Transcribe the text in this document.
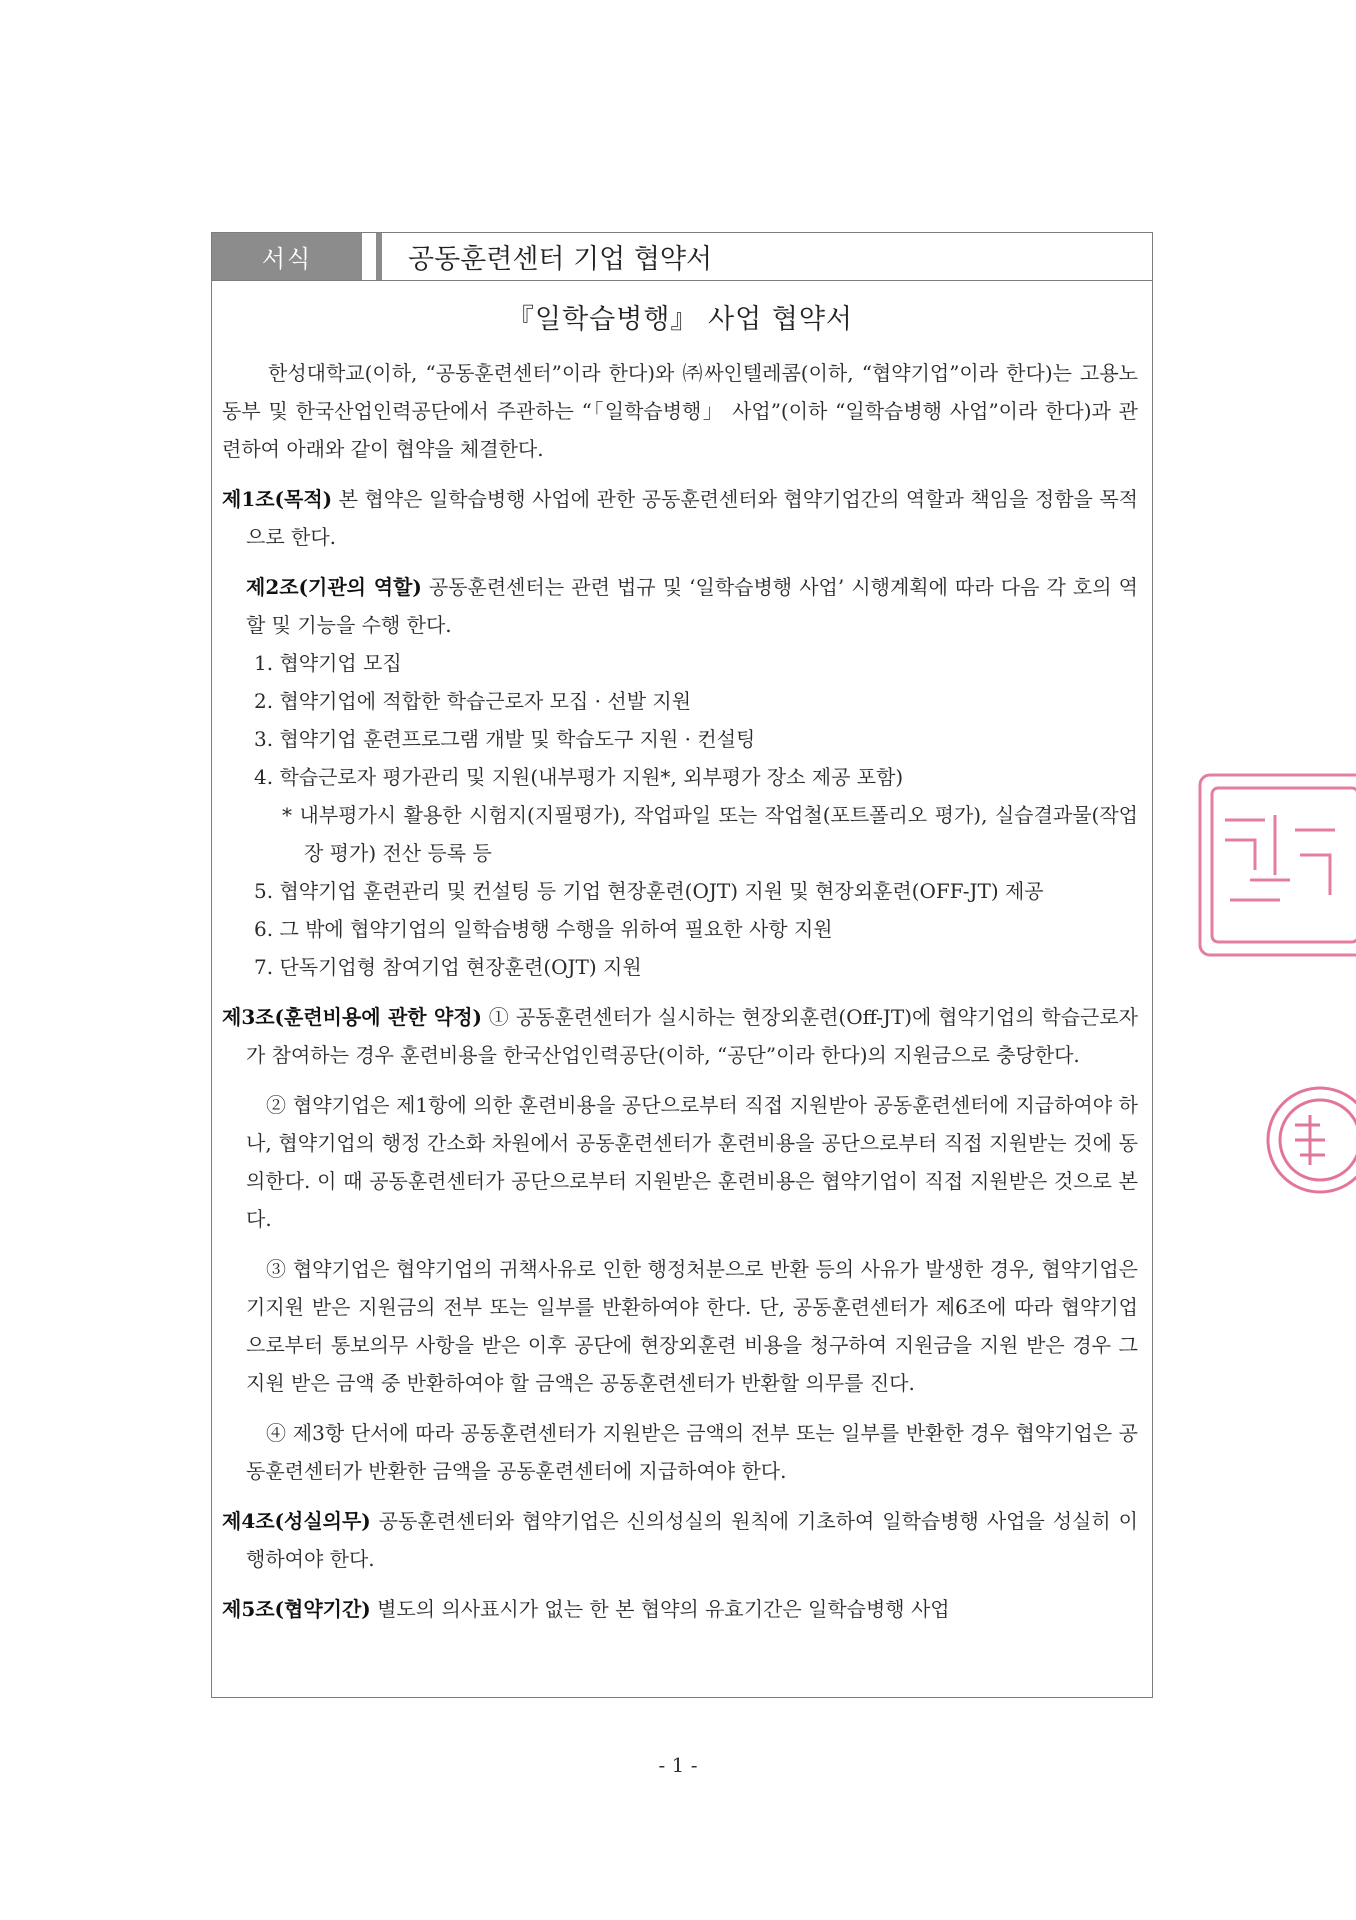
서식	공동훈련센터 기업 협약서
『일학습병행』 사업 협약서

한성대학교(이하, “공동훈련센터”이라 한다)와 ㈜싸인텔레콤(이하, “협약기업”이라 한다)는 고용노동부 및 한국산업인력공단에서 주관하는 “「일학습병행」 사업”(이하 “일학습병행 사업”이라 한다)과 관련하여 아래와 같이 협약을 체결한다.

제1조(목적) 본 협약은 일학습병행 사업에 관한 공동훈련센터와 협약기업간의 역할과 책임을 정함을 목적으로 한다.

제2조(기관의 역할) 공동훈련센터는 관련 법규 및 ‘일학습병행 사업’ 시행계획에 따라 다음 각 호의 역할 및 기능을 수행 한다.

1. 협약기업 모집

2. 협약기업에 적합한 학습근로자 모집 · 선발 지원

3. 협약기업 훈련프로그램 개발 및 학습도구 지원 · 컨설팅

4. 학습근로자 평가관리 및 지원(내부평가 지원*, 외부평가 장소 제공 포함)

* 내부평가시 활용한 시험지(지필평가), 작업파일 또는 작업철(포트폴리오 평가), 실습결과물(작업장 평가) 전산 등록 등

5. 협약기업 훈련관리 및 컨설팅 등 기업 현장훈련(OJT) 지원 및 현장외훈련(OFF-JT) 제공

6. 그 밖에 협약기업의 일학습병행 수행을 위하여 필요한 사항 지원

7. 단독기업형 참여기업 현장훈련(OJT) 지원

제3조(훈련비용에 관한 약정) ① 공동훈련센터가 실시하는 현장외훈련(Off-JT)에 협약기업의 학습근로자가 참여하는 경우 훈련비용을 한국산업인력공단(이하, “공단”이라 한다)의 지원금으로 충당한다.

② 협약기업은 제1항에 의한 훈련비용을 공단으로부터 직접 지원받아 공동훈련센터에 지급하여야 하나, 협약기업의 행정 간소화 차원에서 공동훈련센터가 훈련비용을 공단으로부터 직접 지원받는 것에 동의한다. 이 때 공동훈련센터가 공단으로부터 지원받은 훈련비용은 협약기업이 직접 지원받은 것으로 본다.

③ 협약기업은 협약기업의 귀책사유로 인한 행정처분으로 반환 등의 사유가 발생한 경우, 협약기업은 기지원 받은 지원금의 전부 또는 일부를 반환하여야 한다. 단, 공동훈련센터가 제6조에 따라 협약기업으로부터 통보의무 사항을 받은 이후 공단에 현장외훈련 비용을 청구하여 지원금을 지원 받은 경우 그 지원 받은 금액 중 반환하여야 할 금액은 공동훈련센터가 반환할 의무를 진다.

④ 제3항 단서에 따라 공동훈련센터가 지원받은 금액의 전부 또는 일부를 반환한 경우 협약기업은 공동훈련센터가 반환한 금액을 공동훈련센터에 지급하여야 한다.

제4조(성실의무) 공동훈련센터와 협약기업은 신의성실의 원칙에 기초하여 일학습병행 사업을 성실히 이행하여야 한다.

제5조(협약기간) 별도의 의사표시가 없는 한 본 협약의 유효기간은 일학습병행 사업

- 1 -
